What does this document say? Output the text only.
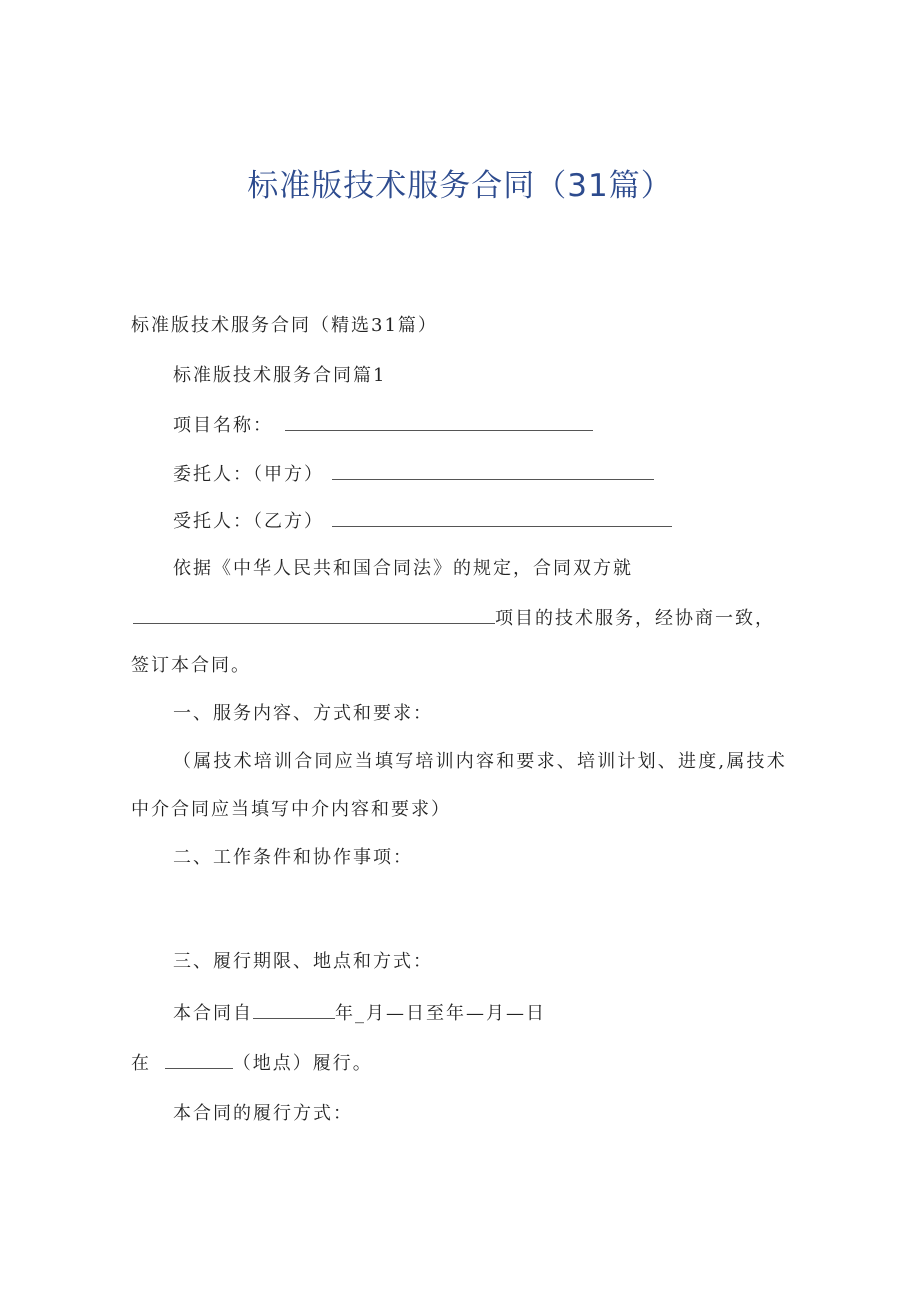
标准版技术服务合同（31篇）
标准版技术服务合同（精选31篇）
标准版技术服务合同篇1
项目名称：
委托人：（甲方）
受托人：（乙方）
依据《中华人民共和国合同法》的规定，合同双方就
项目的技术服务，经协商一致，
签订本合同。
一、服务内容、方式和要求：
（属技术培训合同应当填写培训内容和要求、培训计划、进度,属技术
中介合同应当填写中介内容和要求）
二、工作条件和协作事项：
三、履行期限、地点和方式：
本合同自	年_月—日至年—月—日
在	（地点）履行。
本合同的履行方式：
